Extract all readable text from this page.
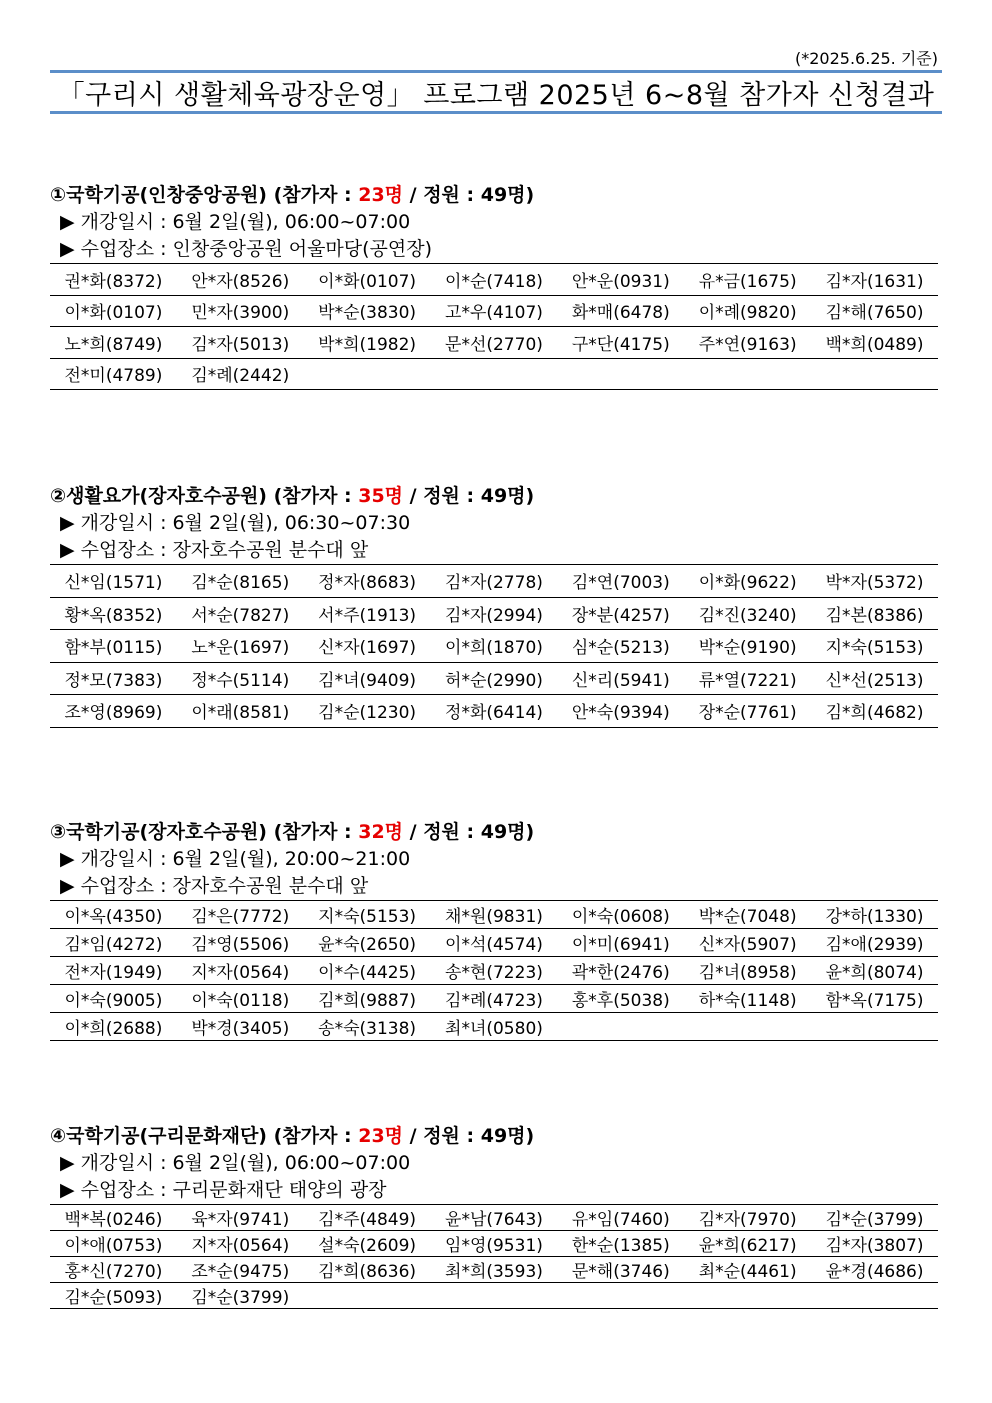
(*2025.6.25. 기준)
「구리시 생활체육광장운영」 프로그램 2025년 6~8월 참가자 신청결과
①국학기공(인창중앙공원) (참가자 : 23명 / 정원 : 49명)
▶ 개강일시 : 6월 2일(월), 06:00~07:00
▶ 수업장소 : 인창중앙공원 어울마당(공연장)
권*화(8372)	안*자(8526)	이*화(0107)	이*순(7418)	안*운(0931)	유*금(1675)	김*자(1631)
이*화(0107)	민*자(3900)	박*순(3830)	고*우(4107)	화*매(6478)	이*례(9820)	김*해(7650)
노*희(8749)	김*자(5013)	박*희(1982)	문*선(2770)	구*단(4175)	주*연(9163)	백*희(0489)
전*미(4789)	김*례(2442)					
②생활요가(장자호수공원) (참가자 : 35명 / 정원 : 49명)
▶ 개강일시 : 6월 2일(월), 06:30~07:30
▶ 수업장소 : 장자호수공원 분수대 앞
신*임(1571)	김*순(8165)	정*자(8683)	김*자(2778)	김*연(7003)	이*화(9622)	박*자(5372)
황*옥(8352)	서*순(7827)	서*주(1913)	김*자(2994)	장*분(4257)	김*진(3240)	김*본(8386)
함*부(0115)	노*운(1697)	신*자(1697)	이*희(1870)	심*순(5213)	박*순(9190)	지*숙(5153)
정*모(7383)	정*수(5114)	김*녀(9409)	허*순(2990)	신*리(5941)	류*열(7221)	신*선(2513)
조*영(8969)	이*래(8581)	김*순(1230)	정*화(6414)	안*숙(9394)	장*순(7761)	김*희(4682)
③국학기공(장자호수공원) (참가자 : 32명 / 정원 : 49명)
▶ 개강일시 : 6월 2일(월), 20:00~21:00
▶ 수업장소 : 장자호수공원 분수대 앞
이*옥(4350)	김*은(7772)	지*숙(5153)	채*원(9831)	이*숙(0608)	박*순(7048)	강*하(1330)
김*임(4272)	김*영(5506)	윤*숙(2650)	이*석(4574)	이*미(6941)	신*자(5907)	김*애(2939)
전*자(1949)	지*자(0564)	이*수(4425)	송*현(7223)	곽*한(2476)	김*녀(8958)	윤*희(8074)
이*숙(9005)	이*숙(0118)	김*희(9887)	김*례(4723)	홍*후(5038)	하*숙(1148)	함*옥(7175)
이*희(2688)	박*경(3405)	송*숙(3138)	최*녀(0580)			
④국학기공(구리문화재단) (참가자 : 23명 / 정원 : 49명)
▶ 개강일시 : 6월 2일(월), 06:00~07:00
▶ 수업장소 : 구리문화재단 태양의 광장
백*복(0246)	육*자(9741)	김*주(4849)	윤*남(7643)	유*임(7460)	김*자(7970)	김*순(3799)
이*애(0753)	지*자(0564)	설*숙(2609)	임*영(9531)	한*순(1385)	윤*희(6217)	김*자(3807)
홍*신(7270)	조*순(9475)	김*희(8636)	최*희(3593)	문*해(3746)	최*순(4461)	윤*경(4686)
김*순(5093)	김*순(3799)					
